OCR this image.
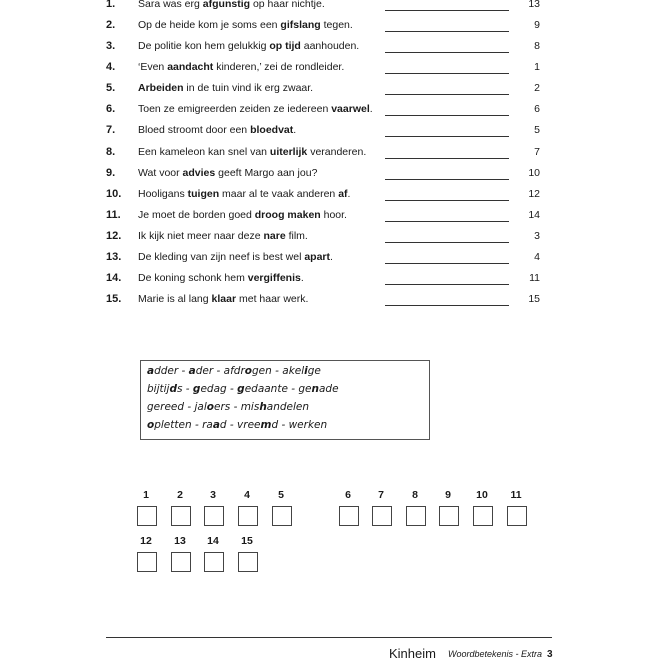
1. Sara was erg afgunstig op haar nichtje.	13
2. Op de heide kom je soms een gifslang tegen.	9
3. De politie kon hem gelukkig op tijd aanhouden.	8
4. ‘Even aandacht kinderen,’ zei de rondleider.	1
5. Arbeiden in de tuin vind ik erg zwaar.	2
6. Toen ze emigreerden zeiden ze iedereen vaarwel.	6
7. Bloed stroomt door een bloedvat.	5
8. Een kameleon kan snel van uiterlijk veranderen.	7
9. Wat voor advies geeft Margo aan jou?	10
10. Hooligans tuigen maar al te vaak anderen af.	12
11. Je moet de borden goed droog maken hoor.	14
12. Ik kijk niet meer naar deze nare film.	3
13. De kleding van zijn neef is best wel apart.	4
14. De koning schonk hem vergiffenis.	11
15. Marie is al lang klaar met haar werk.	15
adder - ader - afdrogen - akelige
bijtijds - gedag - gedaante - genade
gereed - jaloers - mishandelen
opletten - raad - vreemd - werken
1	2	3	4	5	6	7	8	9	10	11
12	13	14	15
Kinheim Woordbetekenis - Extra 3
